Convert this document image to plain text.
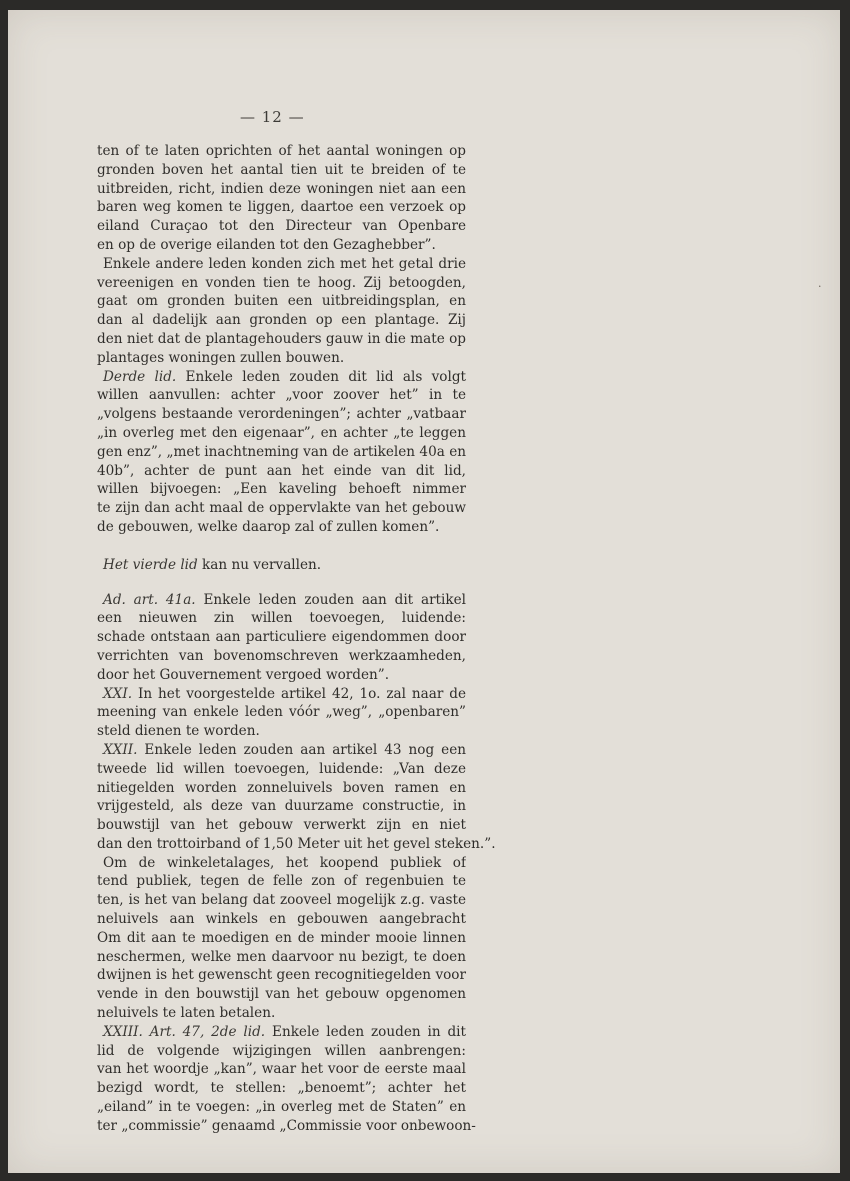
— 12 —
·
ten of te laten oprichten of het aantal woningen op
gronden boven het aantal tien uit te breiden of te
uitbreiden, richt, indien deze woningen niet aan een
baren weg komen te liggen, daartoe een verzoek op
eiland Curaçao tot den Directeur van Openbare
en op de overige eilanden tot den Gezaghebber”.
Enkele andere leden konden zich met het getal drie
vereenigen en vonden tien te hoog. Zij betoogden,
gaat om gronden buiten een uitbreidingsplan, en
dan al dadelijk aan gronden op een plantage. Zij
den niet dat de plantagehouders gauw in die mate op
plantages woningen zullen bouwen.
Derde lid. Enkele leden zouden dit lid als volgt
willen aanvullen: achter „voor zoover het” in te
„volgens bestaande verordeningen”; achter „vatbaar
„in overleg met den eigenaar”, en achter „te leggen
gen enz”, „met inachtneming van de artikelen 40a en
40b”, achter de punt aan het einde van dit lid,
willen bijvoegen: „Een kaveling behoeft nimmer
te zijn dan acht maal de oppervlakte van het gebouw
de gebouwen, welke daarop zal of zullen komen”.
Het vierde lid kan nu vervallen.
Ad. art. 41a. Enkele leden zouden aan dit artikel
een nieuwen zin willen toevoegen, luidende:
schade ontstaan aan particuliere eigendommen door
verrichten van bovenomschreven werkzaamheden,
door het Gouvernement vergoed worden”.
XXI. In het voorgestelde artikel 42, 1o. zal naar de
meening van enkele leden vóór „weg”, „openbaren”
steld dienen te worden.
XXII. Enkele leden zouden aan artikel 43 nog een
tweede lid willen toevoegen, luidende: „Van deze
nitiegelden worden zonneluivels boven ramen en
vrijgesteld, als deze van duurzame constructie, in
bouwstijl van het gebouw verwerkt zijn en niet
dan den trottoirband of 1,50 Meter uit het gevel steken.”.
Om de winkeletalages, het koopend publiek of
tend publiek, tegen de felle zon of regenbuien te
ten, is het van belang dat zooveel mogelijk z.g. vaste
neluivels aan winkels en gebouwen aangebracht
Om dit aan te moedigen en de minder mooie linnen
neschermen, welke men daarvoor nu bezigt, te doen
dwijnen is het gewenscht geen recognitiegelden voor
vende in den bouwstijl van het gebouw opgenomen
neluivels te laten betalen.
XXIII. Art. 47, 2de lid. Enkele leden zouden in dit
lid de volgende wijzigingen willen aanbrengen:
van het woordje „kan”, waar het voor de eerste maal
bezigd wordt, te stellen: „benoemt”; achter het
„eiland” in te voegen: „in overleg met de Staten” en
ter „commissie” genaamd „Commissie voor onbewoon-
